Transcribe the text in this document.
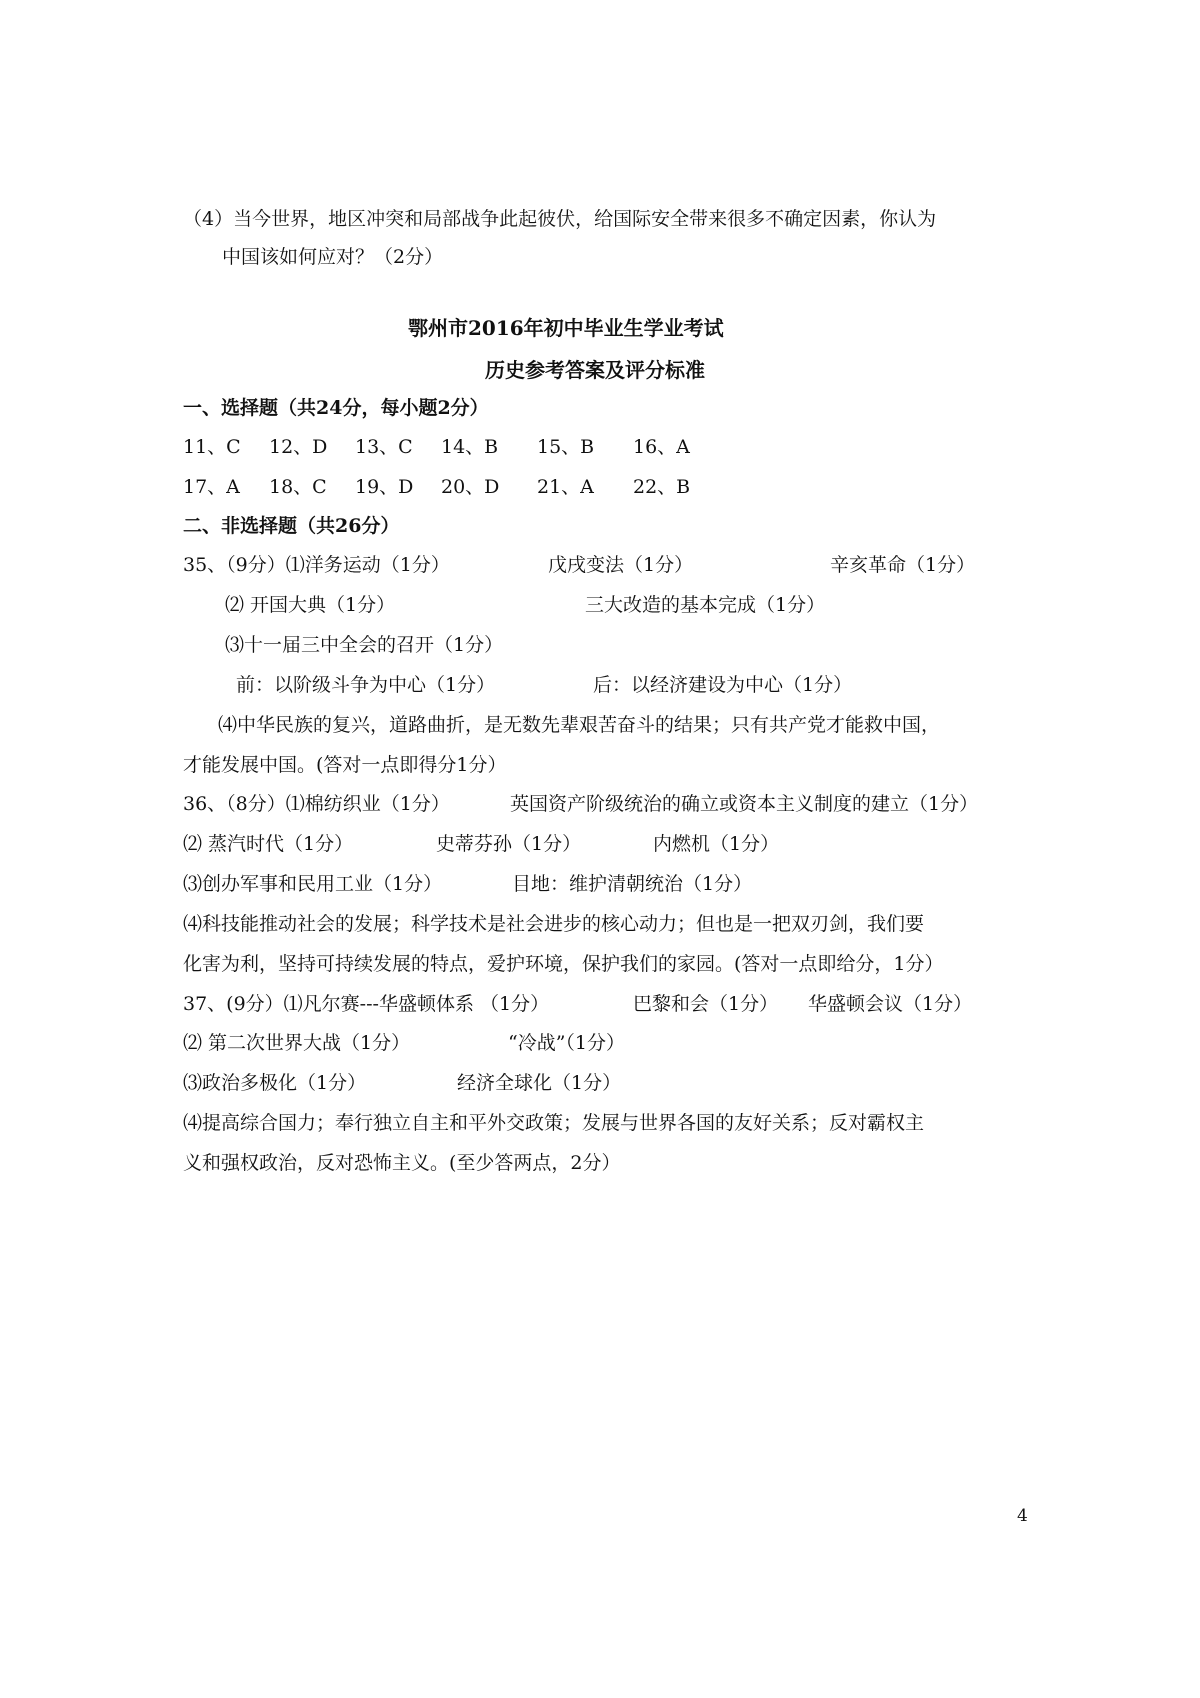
（4）当今世界，地区冲突和局部战争此起彼伏，给国际安全带来很多不确定因素，你认为
中国该如何应对？（2分）
鄂州市2016年初中毕业生学业考试
历史参考答案及评分标准
一、选择题（共24分，每小题2分）
11、C 12、D 13、C 14、B 15、B 16、A
17、A 18、C 19、D 20、D 21、A 22、B
二、非选择题（共26分）
35、（9分）⑴洋务运动（1分）	戊戌变法（1分）	辛亥革命（1分）
⑵ 开国大典（1分）	三大改造的基本完成（1分）
⑶十一届三中全会的召开（1分）
前：以阶级斗争为中心（1分）	后：以经济建设为中心（1分）
⑷中华民族的复兴，道路曲折，是无数先辈艰苦奋斗的结果；只有共产党才能救中国，
才能发展中国。(答对一点即得分1分）
36、（8分）⑴棉纺织业（1分）	英国资产阶级统治的确立或资本主义制度的建立（1分）
⑵ 蒸汽时代（1分）	史蒂芬孙（1分）	内燃机（1分）
⑶创办军事和民用工业（1分）	目地：维护清朝统治（1分）
⑷科技能推动社会的发展；科学技术是社会进步的核心动力；但也是一把双刃剑，我们要
化害为利，坚持可持续发展的特点，爱护环境，保护我们的家园。(答对一点即给分，1分）
37、(9分）⑴凡尔赛---华盛顿体系 （1分）	巴黎和会（1分） 华盛顿会议（1分）
⑵ 第二次世界大战（1分）	“冷战”（1分）
⑶政治多极化（1分）	经济全球化（1分）
⑷提高综合国力；奉行独立自主和平外交政策；发展与世界各国的友好关系；反对霸权主
义和强权政治，反对恐怖主义。(至少答两点，2分）
4
